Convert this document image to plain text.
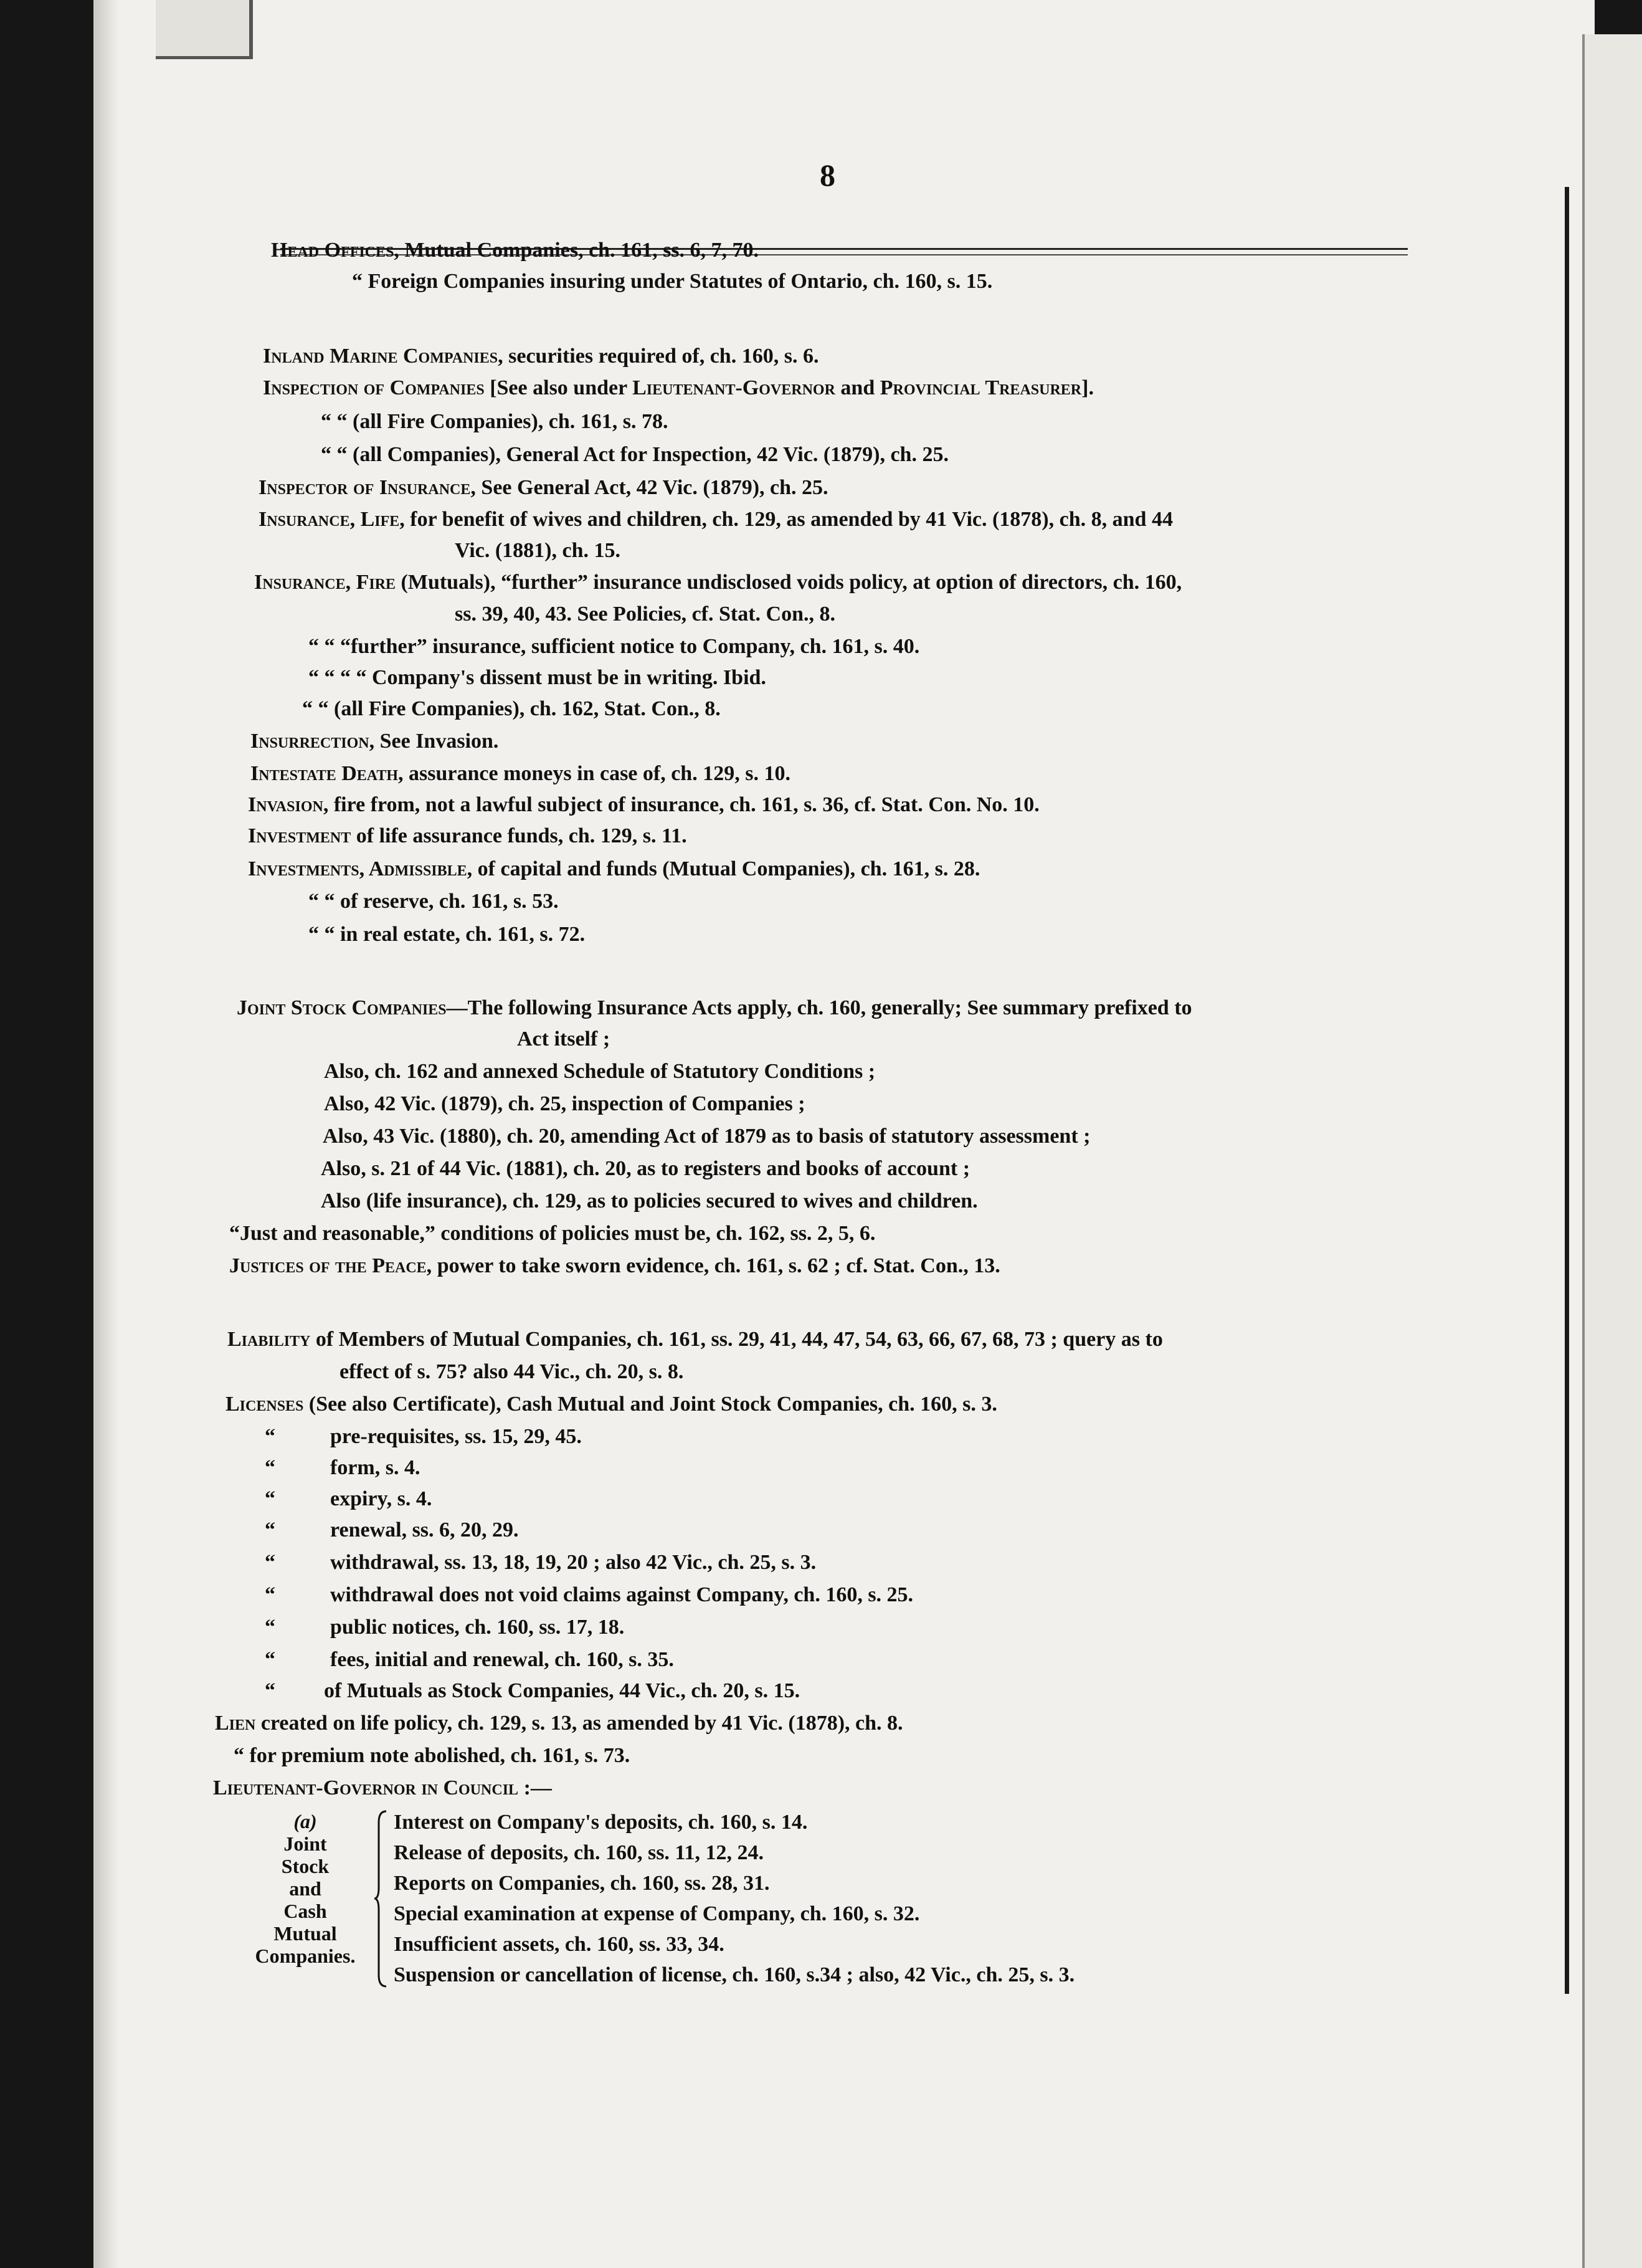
8
Head Offices, Mutual Companies, ch. 161, ss. 6, 7, 70.
“ Foreign Companies insuring under Statutes of Ontario, ch. 160, s. 15.
Inland Marine Companies, securities required of, ch. 160, s. 6.
Inspection of Companies [See also under Lieutenant-Governor and Provincial Treasurer].
“ “ (all Fire Companies), ch. 161, s. 78.
“ “ (all Companies), General Act for Inspection, 42 Vic. (1879), ch. 25.
Inspector of Insurance, See General Act, 42 Vic. (1879), ch. 25.
Insurance, Life, for benefit of wives and children, ch. 129, as amended by 41 Vic. (1878), ch. 8, and 44
Vic. (1881), ch. 15.
Insurance, Fire (Mutuals), “further” insurance undisclosed voids policy, at option of directors, ch. 160,
ss. 39, 40, 43. See Policies, cf. Stat. Con., 8.
“ “ “further” insurance, sufficient notice to Company, ch. 161, s. 40.
“ “ “ “ Company's dissent must be in writing. Ibid.
“ “ (all Fire Companies), ch. 162, Stat. Con., 8.
Insurrection, See Invasion.
Intestate Death, assurance moneys in case of, ch. 129, s. 10.
Invasion, fire from, not a lawful subject of insurance, ch. 161, s. 36, cf. Stat. Con. No. 10.
Investment of life assurance funds, ch. 129, s. 11.
Investments, Admissible, of capital and funds (Mutual Companies), ch. 161, s. 28.
“ “ of reserve, ch. 161, s. 53.
“ “ in real estate, ch. 161, s. 72.
Joint Stock Companies—The following Insurance Acts apply, ch. 160, generally; See summary prefixed to
Act itself ;
Also, ch. 162 and annexed Schedule of Statutory Conditions ;
Also, 42 Vic. (1879), ch. 25, inspection of Companies ;
Also, 43 Vic. (1880), ch. 20, amending Act of 1879 as to basis of statutory assessment ;
Also, s. 21 of 44 Vic. (1881), ch. 20, as to registers and books of account ;
Also (life insurance), ch. 129, as to policies secured to wives and children.
“Just and reasonable,” conditions of policies must be, ch. 162, ss. 2, 5, 6.
Justices of the Peace, power to take sworn evidence, ch. 161, s. 62 ; cf. Stat. Con., 13.
Liability of Members of Mutual Companies, ch. 161, ss. 29, 41, 44, 47, 54, 63, 66, 67, 68, 73 ; query as to
effect of s. 75? also 44 Vic., ch. 20, s. 8.
Licenses (See also Certificate), Cash Mutual and Joint Stock Companies, ch. 160, s. 3.
“	pre-requisites, ss. 15, 29, 45.
“	form, s. 4.
“	expiry, s. 4.
“	renewal, ss. 6, 20, 29.
“	withdrawal, ss. 13, 18, 19, 20 ; also 42 Vic., ch. 25, s. 3.
“	withdrawal does not void claims against Company, ch. 160, s. 25.
“	public notices, ch. 160, ss. 17, 18.
“	fees, initial and renewal, ch. 160, s. 35.
“ of Mutuals as Stock Companies, 44 Vic., ch. 20, s. 15.
Lien created on life policy, ch. 129, s. 13, as amended by 41 Vic. (1878), ch. 8.
“ for premium note abolished, ch. 161, s. 73.
Lieutenant-Governor in Council :—
(a)
Joint
Stock
and
Cash
Mutual
Companies.
Interest on Company's deposits, ch. 160, s. 14.
Release of deposits, ch. 160, ss. 11, 12, 24.
Reports on Companies, ch. 160, ss. 28, 31.
Special examination at expense of Company, ch. 160, s. 32.
Insufficient assets, ch. 160, ss. 33, 34.
Suspension or cancellation of license, ch. 160, s.34 ; also, 42 Vic., ch. 25, s. 3.
